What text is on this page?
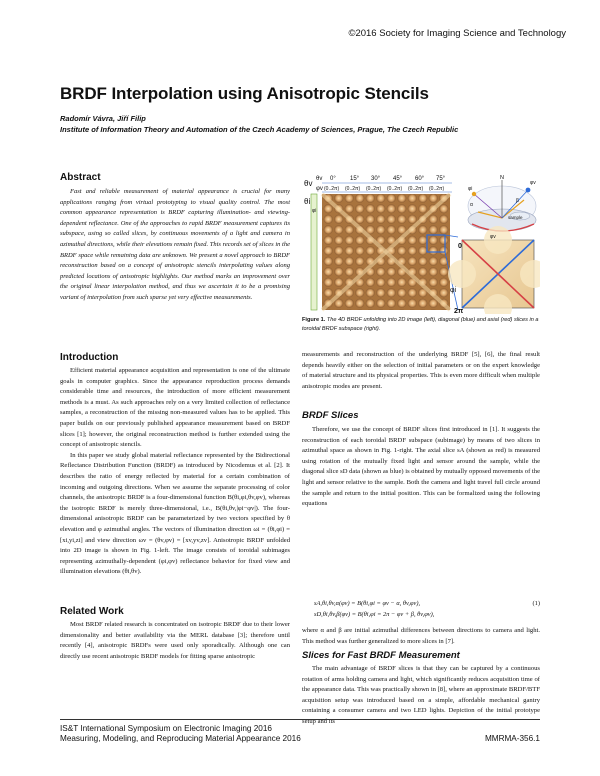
©2016 Society for Imaging Science and Technology
BRDF Interpolation using Anisotropic Stencils
Radomír Vávra, Jiří Filip
Institute of Information Theory and Automation of the Czech Academy of Sciences, Prague, The Czech Republic
Abstract

Fast and reliable measurement of material appearance is crucial for many applications ranging from virtual prototyping to visual quality control. The most common appearance representation is BRDF capturing illumination- and viewing-dependent reflectance. One of the approaches to rapid BRDF measurement captures its subspace, using so called slices, by continuous movements of a light and camera in azimuthal directions, while their elevations remain fixed. This records set of slices in the BRDF space while remaining data are unknown. We present a novel approach to BRDF reconstruction based on a concept of anisotropic stencils interpolating values along predicted locations of anisotropic highlights. Our method marks an improvement over the original linear interpolation method, and thus we ascertain it to be a promising variant of interpolation from such sparse yet very effective measurements.

Introduction

Efficient material appearance acquisition and representation is one of the ultimate goals in computer graphics. Since the appearance reproduction process demands considerable time and resources, the introduction of more efficient measurement methods is a must. As such approaches rely on a very limited collection of reflectance samples, a reconstruction of the missing non-measured values has to be applied. This paper builds on our previously published appearance measurement based on BRDF slices [1]; however, the original reconstruction method is further extended using the concept of anisotropic stencils.

In this paper we study global material reflectance represented by the Bidirectional Reflectance Distribution Function (BRDF) as introduced by Nicodemus et al. [2]. It describes the ratio of energy reflected by material for a certain combination of incoming and outgoing directions. When we assume the separate processing of color channels, the anisotropic BRDF is a four-dimensional function B(θi,φi,θv,φv), whereas the isotropic BRDF is merely three-dimensional, i.e., B(θi,θv,|φi−φv|). The four-dimensional anisotropic BRDF can be parameterized by two vectors specified by θ elevation and φ azimuthal angles. The vectors of illumination direction ωi = (θi,φi) = [xi,yi,zi] and view direction ωv = (θv,φv) = [xv,yv,zv]. Anisotropic BRDF unfolded into 2D image is shown in Fig. 1-left. The image consists of toroidal subimages representing azimuthally-dependent (φi,φv) reflectance behavior for fixed view and illumination elevations (θi,θv).

Related Work

Most BRDF related research is concentrated on isotropic BRDF due to their lower dimensionality and better availability via the MERL database [3]; therefore until recently [4], anisotropic BRDFs were used only sporadically. Although one can directly use recent anisotropic BRDF models for fitting sparse anisotropic

θv
φv
θi
θv	0° 15° 30° 45° 60° 75°
(0..2π) (0..2π) (0..2π) (0..2π) (0..2π) (0..2π)
φi
N
sample
α
β
φi
φv
0
φi
2π
φv
Figure 1. The 4D BRDF unfolding into 2D image (left), diagonal (blue) and axial (red) slices in a toroidal BRDF subspace (right).

measurements and reconstruction of the underlying BRDF [5], [6], the final result depends heavily either on the selection of initial parameters or on the expert knowledge of material structure and its physical properties. This is even more difficult when multiple anisotropic modes are present.

BRDF Slices

Therefore, we use the concept of BRDF slices first introduced in [1]. It suggests the reconstruction of each toroidal BRDF subspace (subimage) by means of two slices in azimuthal space as shown in Fig. 1-right. The axial slice sA (shown as red) is measured using rotation of the mutually fixed light and sensor around the sample, while the diagonal slice sD data (shown as blue) is obtained by mutually opposed movements of the light and sensor relative to the sample. Both the camera and light travel full circle around the sample and return to the initial position. This can be formalized using the following equations

sA,θi,θv,α(φv) = B(θi,φi = φv − α, θv,φv),
sD,θi,θv,β(φv) = B(θi,φi = 2π − φv + β, θv,φv),
(1)

where α and β are initial azimuthal differences between directions to camera and light. This method was further generalized to more slices in [7].

Slices for Fast BRDF Measurement

The main advantage of BRDF slices is that they can be captured by a continuous rotation of arms holding camera and light, which significantly reduces acquisition time of the appearance data. This was practically shown in [8], where an approximate BRDF/BTF acquisition setup was introduced based on a simple, affordable mechanical gantry containing a consumer camera and two LED lights. Depiction of the initial prototype setup and its

IS&T International Symposium on Electronic Imaging 2016
Measuring, Modeling, and Reproducing Material Appearance 2016	MMRMA-356.1
